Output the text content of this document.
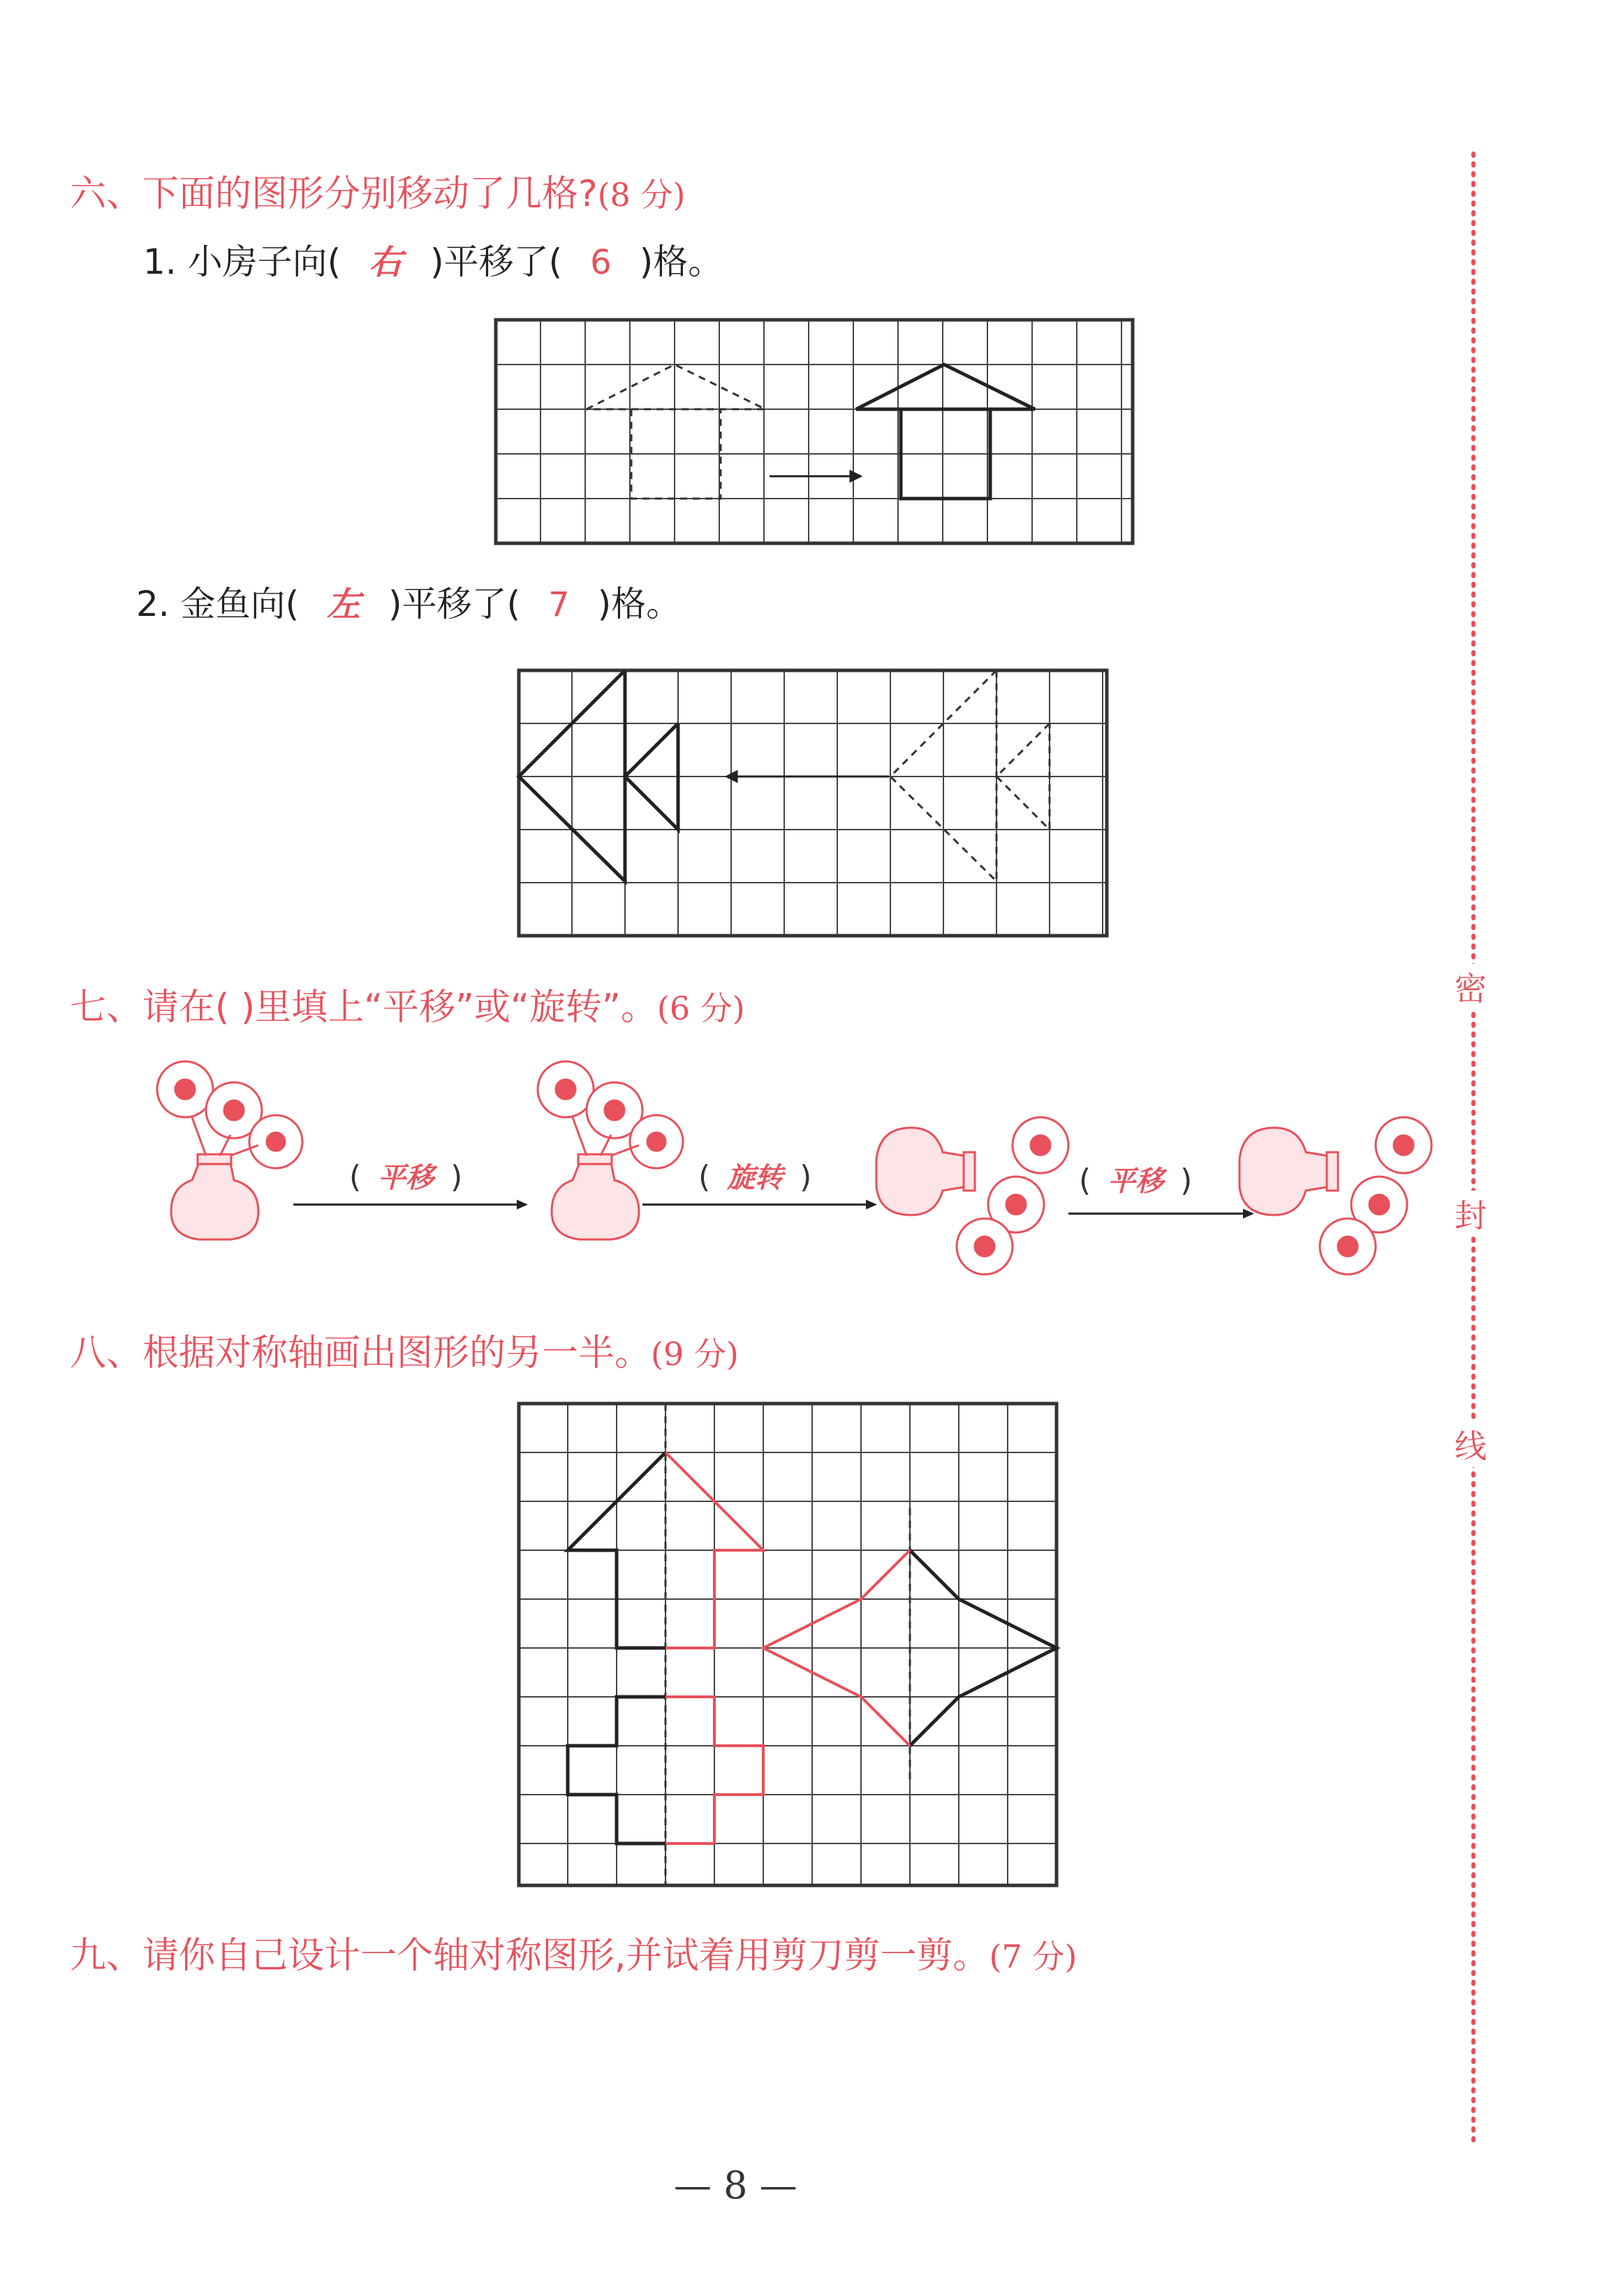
六、下面的图形分别移动了几格?(8 分)
1. 小房子向( 右 )平移了( 6 )格。
2. 金鱼向( 左 )平移了( 7 )格。
七、请在( )里填上“平移”或“旋转”。(6 分)
( 平移 )	( 旋转 )	( 平移 )
八、根据对称轴画出图形的另一半。(9 分)
九、请你自己设计一个轴对称图形,并试着用剪刀剪一剪。(7 分)
密
封
线
— 8 —
